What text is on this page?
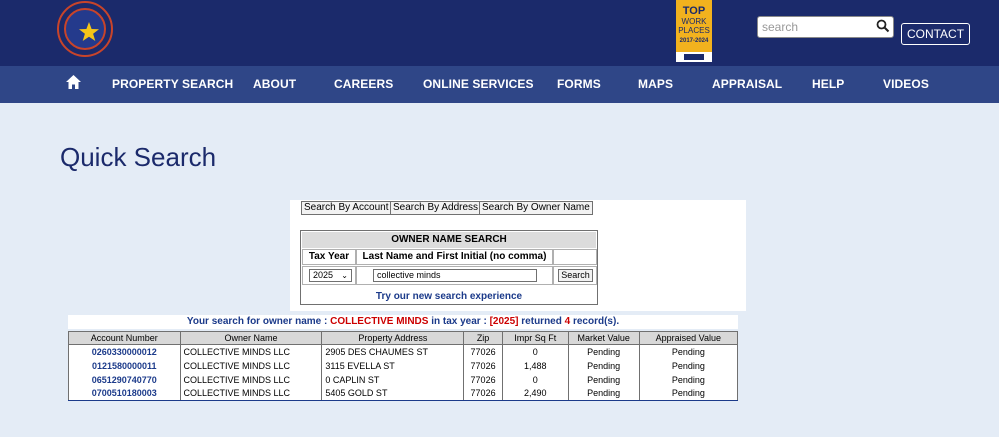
TOP
WORK
PLACES
2017-2024
search	CONTACT
PROPERTY SEARCH ABOUT	CAREERS ONLINE SERVICES FORMS	MAPS	APPRAISAL HELP	VIDEOS
Quick Search
Search By Account Search By Address Search By Owner Name
OWNER NAME SEARCH
Tax Year	Last Name and First Initial (no comma)
2025 ⌄	collective minds	Search
Try our new search experience
Your search for owner name : COLLECTIVE MINDS in tax year : [2025] returned 4 record(s).
Account Number	Owner Name	Property Address	Zip	Impr Sq Ft	Market Value	Appraised Value
0260330000012	COLLECTIVE MINDS LLC	2905 DES CHAUMES ST	77026	0	Pending	Pending
0121580000011	COLLECTIVE MINDS LLC	3115 EVELLA ST	77026	1,488	Pending	Pending
0651290740770	COLLECTIVE MINDS LLC	0 CAPLIN ST	77026	0	Pending	Pending
0700510180003	COLLECTIVE MINDS LLC	5405 GOLD ST	77026	2,490	Pending	Pending
